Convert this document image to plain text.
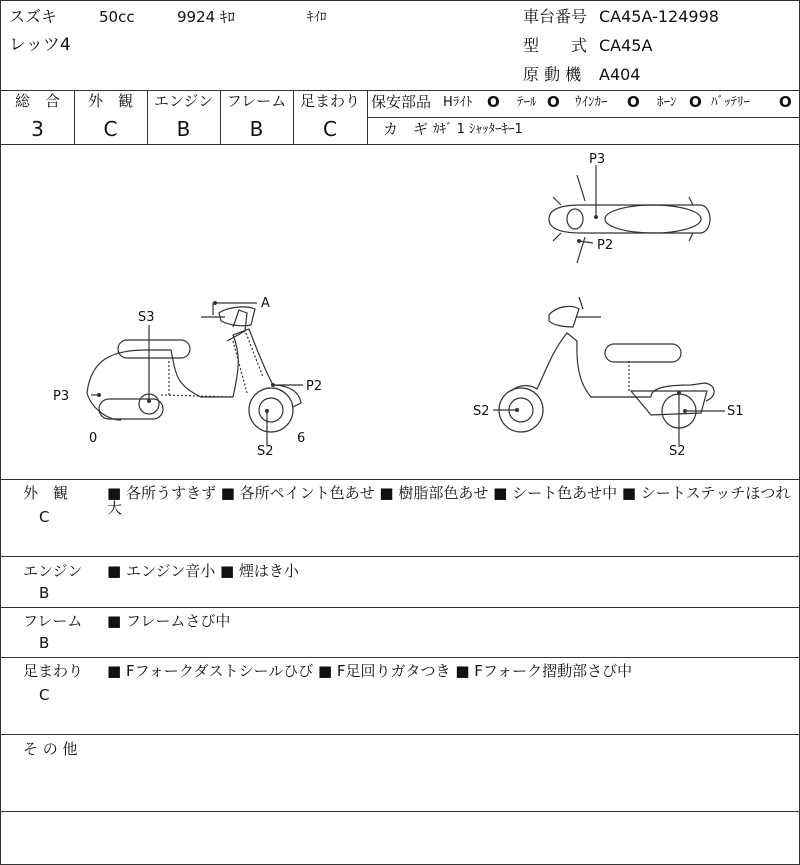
スズキ	50cc	9924 ｷﾛ	ｷｲﾛ
レッツ4
車台番号 CA45A-124998
型　　式 CA45A
原 動 機 A404
総　合
3
外　観
C
エンジン
B
フレーム
B
足まわり
C
保安部品 Hﾗｲﾄ O ﾃｰﾙ O ｳｲﾝｶｰ O ﾎｰﾝ O ﾊﾞｯﾃﾘｰ O
カ　ギ ｶｷﾞ 1 ｼｬｯﾀｰｷｰ1
A
S3
P3
P2
0	6
S2
P3
P2
S2	S1
S2
外　観
C
■ 各所うすきず ■ 各所ペイント色あせ ■ 樹脂部色あせ ■ シート色あせ中 ■ シートステッチほつれ大
エンジン
B
■ エンジン音小 ■ 煙はき小
フレーム
B
■ フレームさび中
足まわり
C
■ Fフォークダストシールひび ■ F足回りガタつき ■ Fフォーク摺動部さび中
そ の 他
